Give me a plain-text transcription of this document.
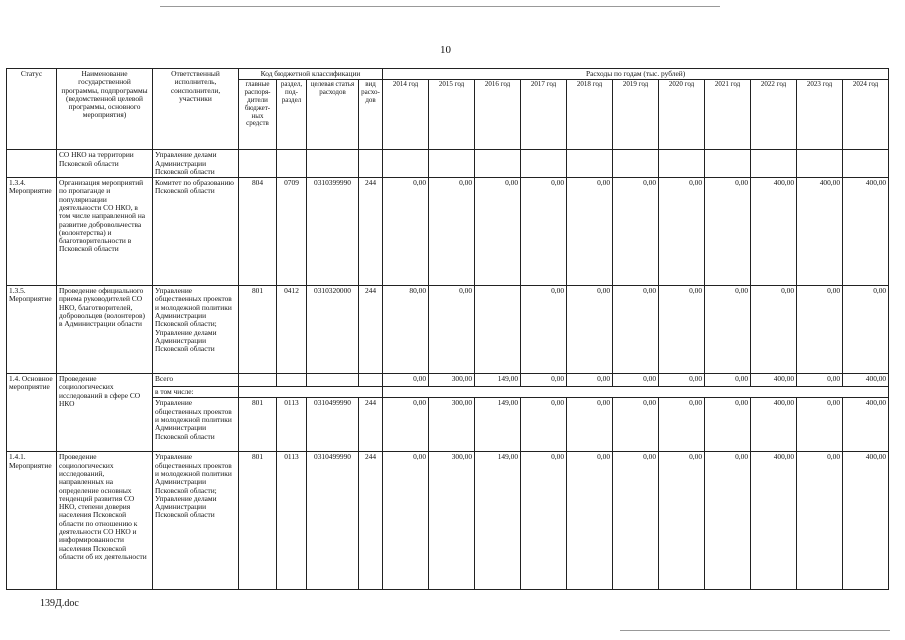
10
Статус	Наименование государственной программы, подпрограммы (ведомственной целевой программы, основного мероприятия)	Ответственный исполнитель, соисполнители, участники	Код бюджетной классификации				Расходы по годам (тыс. рублей)										
			главные распоря-дители бюджет-ных средств	раздел, под-раздел	целевая статья расходов	вид расхо-дов	2014 год	2015 год	2016 год	2017 год	2018 год	2019 год	2020 год	2021 год	2022 год	2023 год	2024 год
	СО НКО на территории Псковской области	Управление делами Администрации Псковской области															
1.3.4. Мероприятие	Организация мероприятий по пропаганде и популяризации деятельности СО НКО, в том числе направленной на развитие добровольчества (волонтерства) и благотворительности в Псковской области	Комитет по образованию Псковской области	804	0709	0310399990	244	0,00	0,00	0,00	0,00	0,00	0,00	0,00	0,00	400,00	400,00	400,00
1.3.5. Мероприятие	Проведение официального приема руководителей СО НКО, благотворителей, добровольцев (волонтеров) в Администрации области	Управление общественных проектов и молодежной политики Администрации Псковской области; Управление делами Администрации Псковской области	801	0412	0310320000	244	80,00	0,00		0,00	0,00	0,00	0,00	0,00	0,00	0,00	0,00
1.4. Основное мероприятие	Проведение социологических исследований в сфере СО НКО	Всего					0,00	300,00	149,00	0,00	0,00	0,00	0,00	0,00	400,00	0,00	400,00
		в том числе:															
		Управление общественных проектов и молодежной политики Администрации Псковской области	801	0113	0310499990	244	0,00	300,00	149,00	0,00	0,00	0,00	0,00	0,00	400,00	0,00	400,00
1.4.1. Мероприятие	Проведение социологических исследований, направленных на определение основных тенденций развития СО НКО, степени доверия населения Псковской области по отношению к деятельности СО НКО и информированности населения Псковской области об их деятельности	Управление общественных проектов и молодежной политики Администрации Псковской области; Управление делами Администрации Псковской области	801	0113	0310499990	244	0,00	300,00	149,00	0,00	0,00	0,00	0,00	0,00	400,00	0,00	400,00
139Д.doc
